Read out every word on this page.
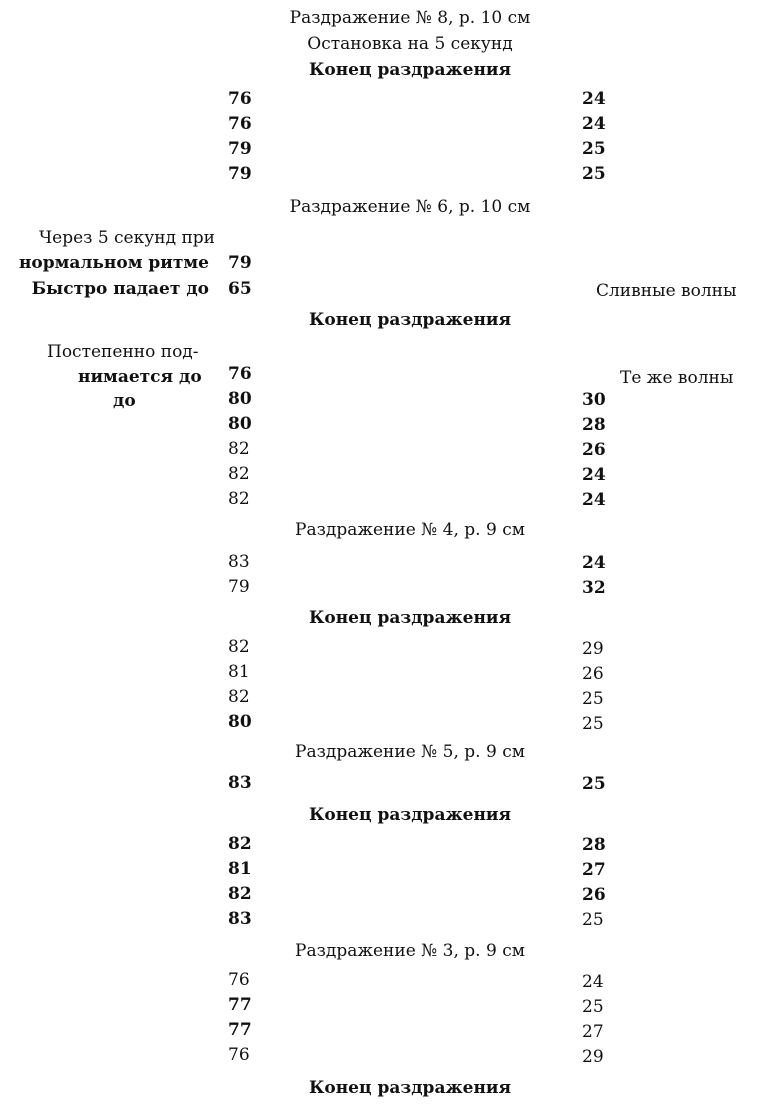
Раздражение № 8, р. 10 см
Остановка на 5 секунд
Конец раздражения
76	24
76	24
79	25
79	25
Раздражение № 6, р. 10 см
Через 5 секунд при
нормальном ритме 79
Быстро падает до 65	Сливные волны
Конец раздражения
Постепенно под-
нимается до 76	Те же волны
до	80	30
80	28
82	26
82	24
82	24
Раздражение № 4, р. 9 см
83	24
79	32
Конец раздражения
82	29
81	26
82	25
80	25
Раздражение № 5, р. 9 см
83	25
Конец раздражения
82	28
81	27
82	26
83	25
Раздражение № 3, р. 9 см
76	24
77	25
77	27
76	29
Конец раздражения
